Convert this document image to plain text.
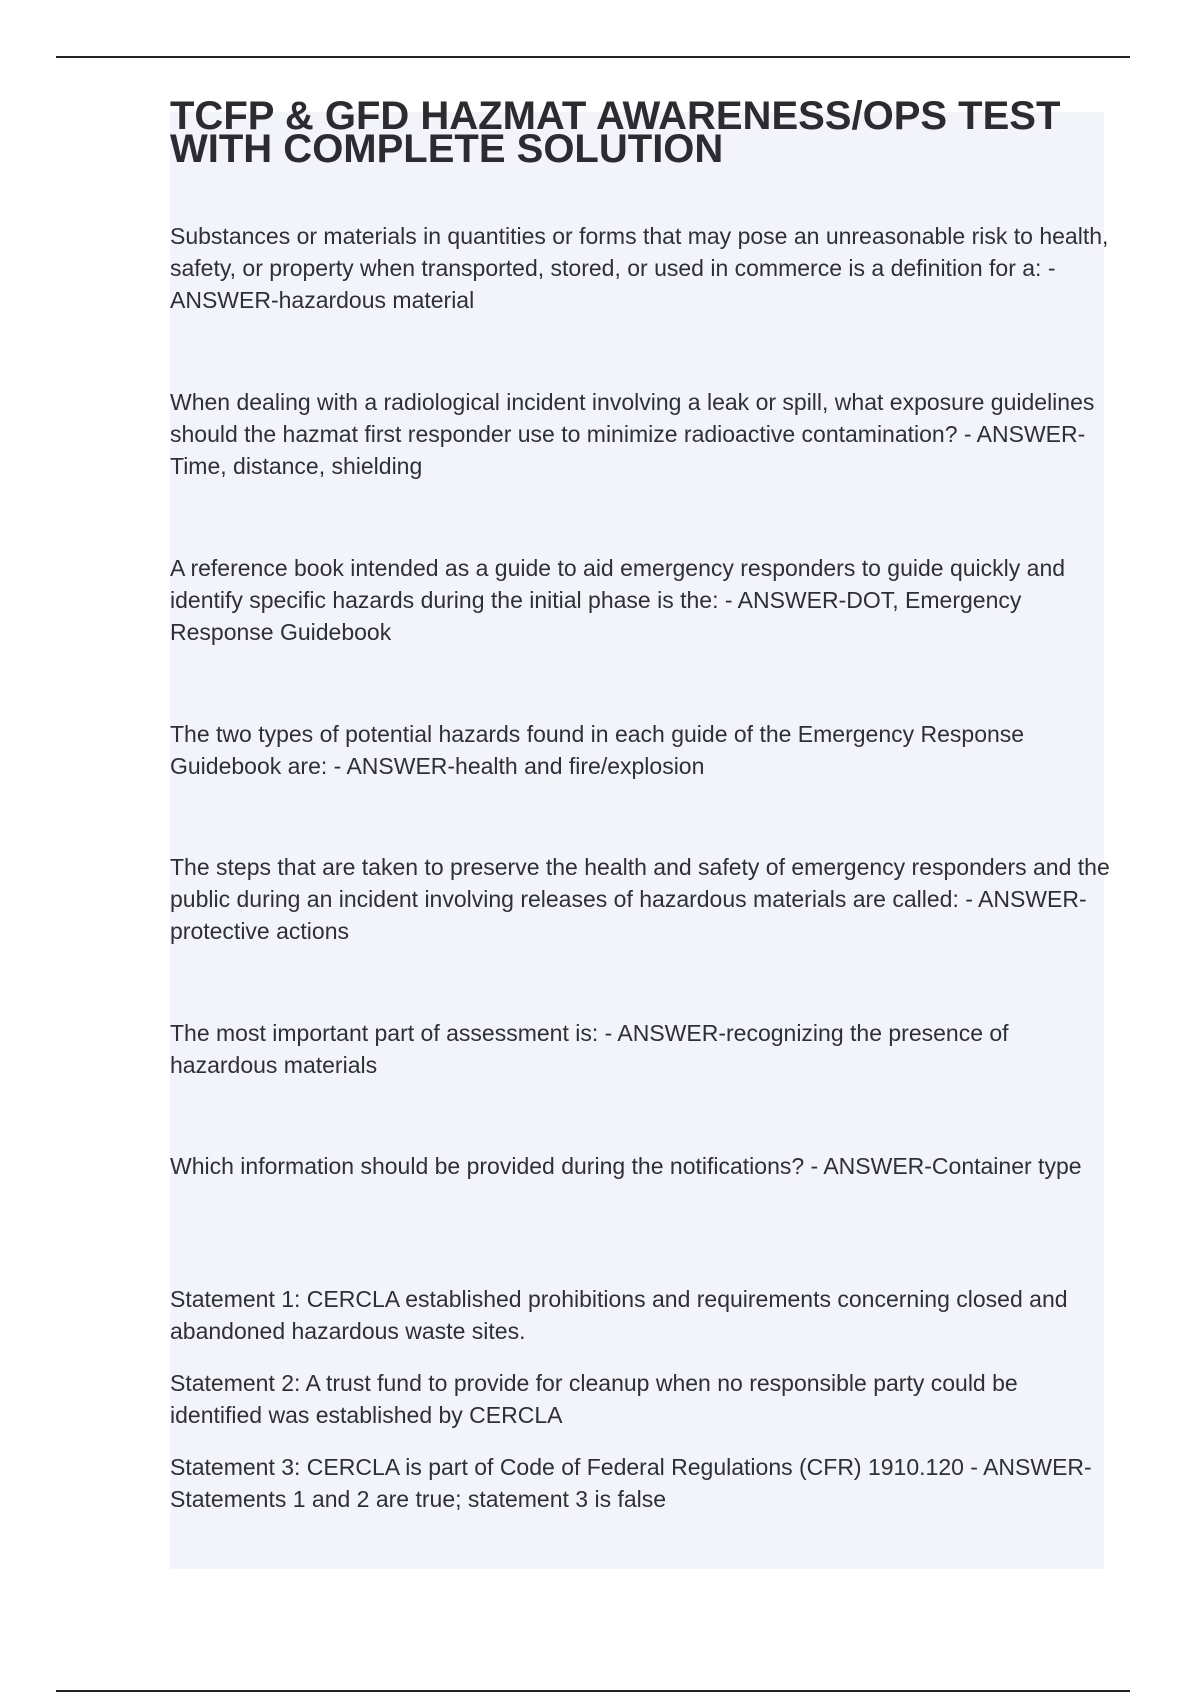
TCFP & GFD HAZMAT AWARENESS/OPS TEST WITH COMPLETE SOLUTION

Substances or materials in quantities or forms that may pose an unreasonable risk to health, safety, or property when transported, stored, or used in commerce is a definition for a: - ANSWER-hazardous material

When dealing with a radiological incident involving a leak or spill, what exposure guidelines should the hazmat first responder use to minimize radioactive contamination? - ANSWER-Time, distance, shielding

A reference book intended as a guide to aid emergency responders to guide quickly and identify specific hazards during the initial phase is the: - ANSWER-DOT, Emergency Response Guidebook

The two types of potential hazards found in each guide of the Emergency Response Guidebook are: - ANSWER-health and fire/explosion

The steps that are taken to preserve the health and safety of emergency responders and the public during an incident involving releases of hazardous materials are called: - ANSWER-protective actions

The most important part of assessment is: - ANSWER-recognizing the presence of hazardous materials

Which information should be provided during the notifications? - ANSWER-Container type

Statement 1: CERCLA established prohibitions and requirements concerning closed and abandoned hazardous waste sites.

Statement 2: A trust fund to provide for cleanup when no responsible party could be identified was established by CERCLA

Statement 3: CERCLA is part of Code of Federal Regulations (CFR) 1910.120 - ANSWER-Statements 1 and 2 are true; statement 3 is false
